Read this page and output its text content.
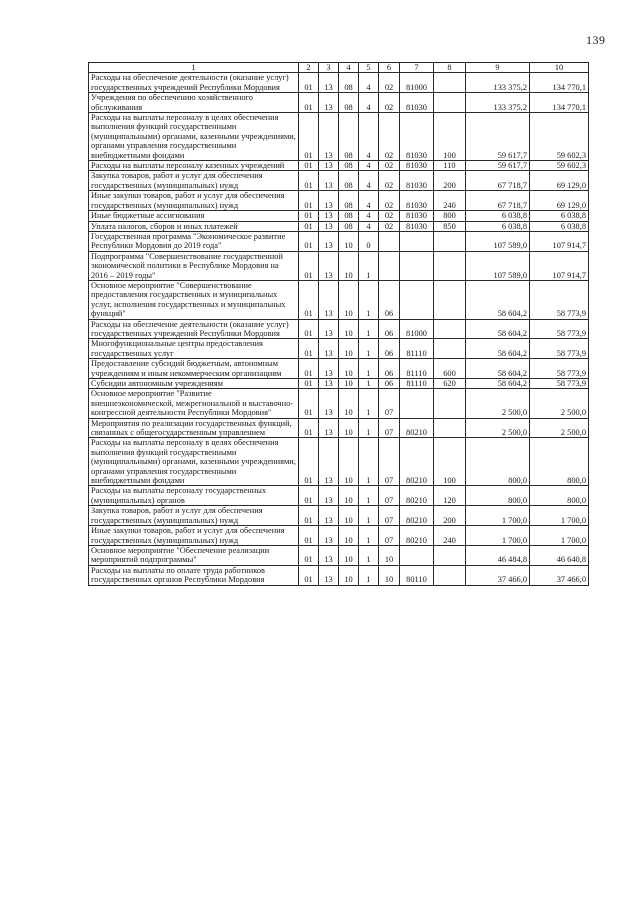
139
1	2	3	4	5	6	7	8	9	10
Расходы на обеспечение деятельности (оказание услуг) государственных учреждений Республики Мордовия	01	13	08	4	02	81000		133 375,2	134 770,1
Учреждения по обеспечению хозяйственного обслуживания	01	13	08	4	02	81030		133 375,2	134 770,1
Расходы на выплаты персоналу в целях обеспечения выполнения функций государственными (муниципальными) органами, казенными учреждениями, органами управления государственными внебюджетными фондами	01	13	08	4	02	81030	100	59 617,7	59 602,3
Расходы на выплаты персоналу казенных учреждений	01	13	08	4	02	81030	110	59 617,7	59 602,3
Закупка товаров, работ и услуг для обеспечения государственных (муниципальных) нужд	01	13	08	4	02	81030	200	67 718,7	69 129,0
Иные закупки товаров, работ и услуг для обеспечения государственных (муниципальных) нужд	01	13	08	4	02	81030	240	67 718,7	69 129,0
Иные бюджетные ассигнования	01	13	08	4	02	81030	800	6 038,8	6 038,8
Уплата налогов, сборов и иных платежей	01	13	08	4	02	81030	850	6 038,8	6 038,8
Государственная программа "Экономическое развитие Республики Мордовия до 2019 года"	01	13	10	0				107 589,0	107 914,7
Подпрограмма "Совершенствование государственной экономической политики в Республике Мордовия на 2016 – 2019 годы"	01	13	10	1				107 589,0	107 914,7
Основное мероприятие "Совершенствование предоставления государственных и муниципальных услуг, исполнения государственных и муниципальных функций"	01	13	10	1	06			58 604,2	58 773,9
Расходы на обеспечение деятельности (оказание услуг) государственных учреждений Республики Мордовия	01	13	10	1	06	81000		58 604,2	58 773,9
Многофункциональные центры предоставления государственных услуг	01	13	10	1	06	81110		58 604,2	58 773,9
Предоставление субсидий бюджетным, автономным учреждениям и иным некоммерческим организациям	01	13	10	1	06	81110	600	58 604,2	58 773,9
Субсидии автономным учреждениям	01	13	10	1	06	81110	620	58 604,2	58 773,9
Основное мероприятие "Развитие внешнеэкономической, межрегиональной и выставочно-конгрессной деятельности Республики Мордовия"	01	13	10	1	07			2 500,0	2 500,0
Мероприятия по реализации государственных функций, связанных с общегосударственным управлением	01	13	10	1	07	80210		2 500,0	2 500,0
Расходы на выплаты персоналу в целях обеспечения выполнения функций государственными (муниципальными) органами, казенными учреждениями, органами управления государственными внебюджетными фондами	01	13	10	1	07	80210	100	800,0	800,0
Расходы на выплаты персоналу государственных (муниципальных) органов	01	13	10	1	07	80210	120	800,0	800,0
Закупка товаров, работ и услуг для обеспечения государственных (муниципальных) нужд	01	13	10	1	07	80210	200	1 700,0	1 700,0
Иные закупки товаров, работ и услуг для обеспечения государственных (муниципальных) нужд	01	13	10	1	07	80210	240	1 700,0	1 700,0
Основное мероприятие "Обеспечение реализации мероприятий подпрограммы"	01	13	10	1	10			46 484,8	46 640,8
Расходы на выплаты по оплате труда работников государственных органов Республики Мордовия	01	13	10	1	10	80110		37 466,0	37 466,0
